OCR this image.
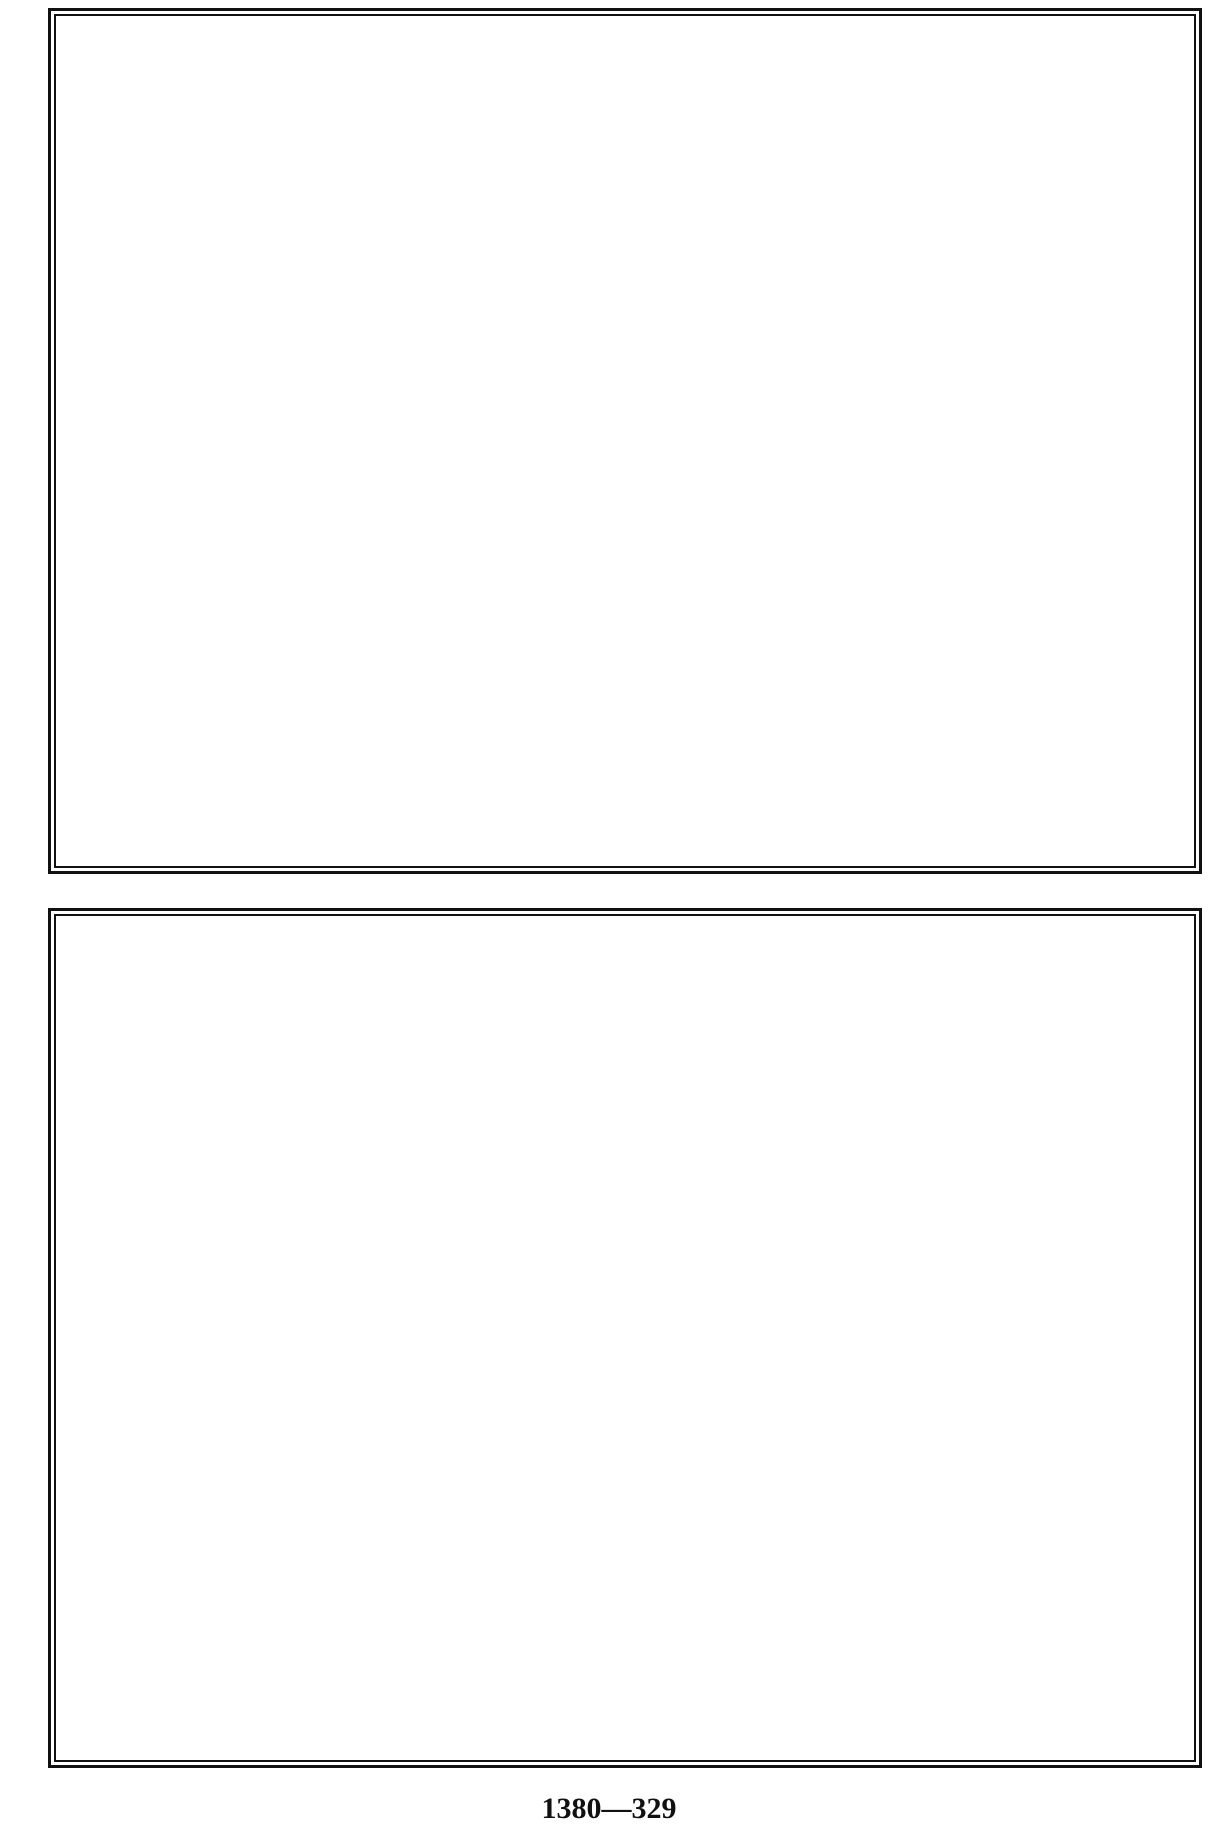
1380—329
